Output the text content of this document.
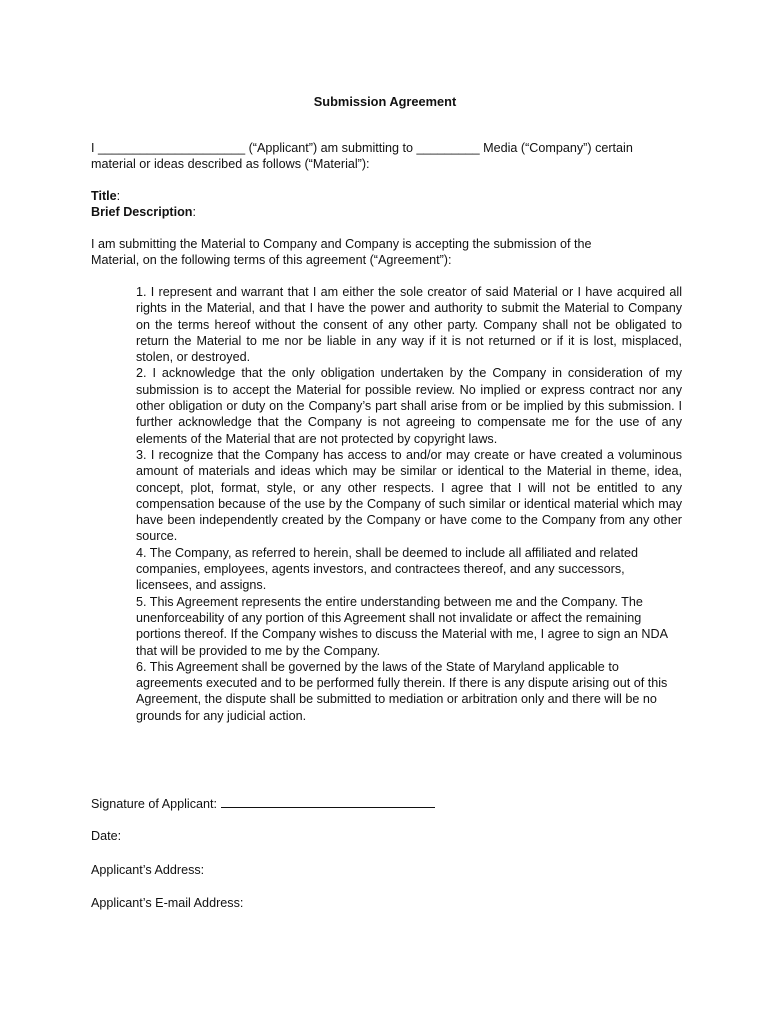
Submission Agreement
I _____________________ (“Applicant”) am submitting to _________ Media (“Company”) certain
material or ideas described as follows (“Material”):
Title:
Brief Description:
I am submitting the Material to Company and Company is accepting the submission of the
Material, on the following terms of this agreement (“Agreement”):

1. I represent and warrant that I am either the sole creator of said Material or I have acquired all rights in the Material, and that I have the power and authority to submit the Material to Company on the terms hereof without the consent of any other party. Company shall not be obligated to return the Material to me nor be liable in any way if it is not returned or if it is lost, misplaced, stolen, or destroyed.

2. I acknowledge that the only obligation undertaken by the Company in consideration of my submission is to accept the Material for possible review. No implied or express contract nor any other obligation or duty on the Company’s part shall arise from or be implied by this submission. I further acknowledge that the Company is not agreeing to compensate me for the use of any elements of the Material that are not protected by copyright laws.

3. I recognize that the Company has access to and/or may create or have created a voluminous amount of materials and ideas which may be similar or identical to the Material in theme, idea, concept, plot, format, style, or any other respects. I agree that I will not be entitled to any compensation because of the use by the Company of such similar or identical material which may have been independently created by the Company or have come to the Company from any other source.

4. The Company, as referred to herein, shall be deemed to include all affiliated and related companies, employees, agents investors, and contractees thereof, and any successors, licensees, and assigns.

5. This Agreement represents the entire understanding between me and the Company. The unenforceability of any portion of this Agreement shall not invalidate or affect the remaining portions thereof. If the Company wishes to discuss the Material with me, I agree to sign an NDA that will be provided to me by the Company.

6. This Agreement shall be governed by the laws of the State of Maryland applicable to agreements executed and to be performed fully therein. If there is any dispute arising out of this Agreement, the dispute shall be submitted to mediation or arbitration only and there will be no grounds for any judicial action.

Signature of Applicant:
Date:
Applicant’s Address:
Applicant’s E-mail Address:
